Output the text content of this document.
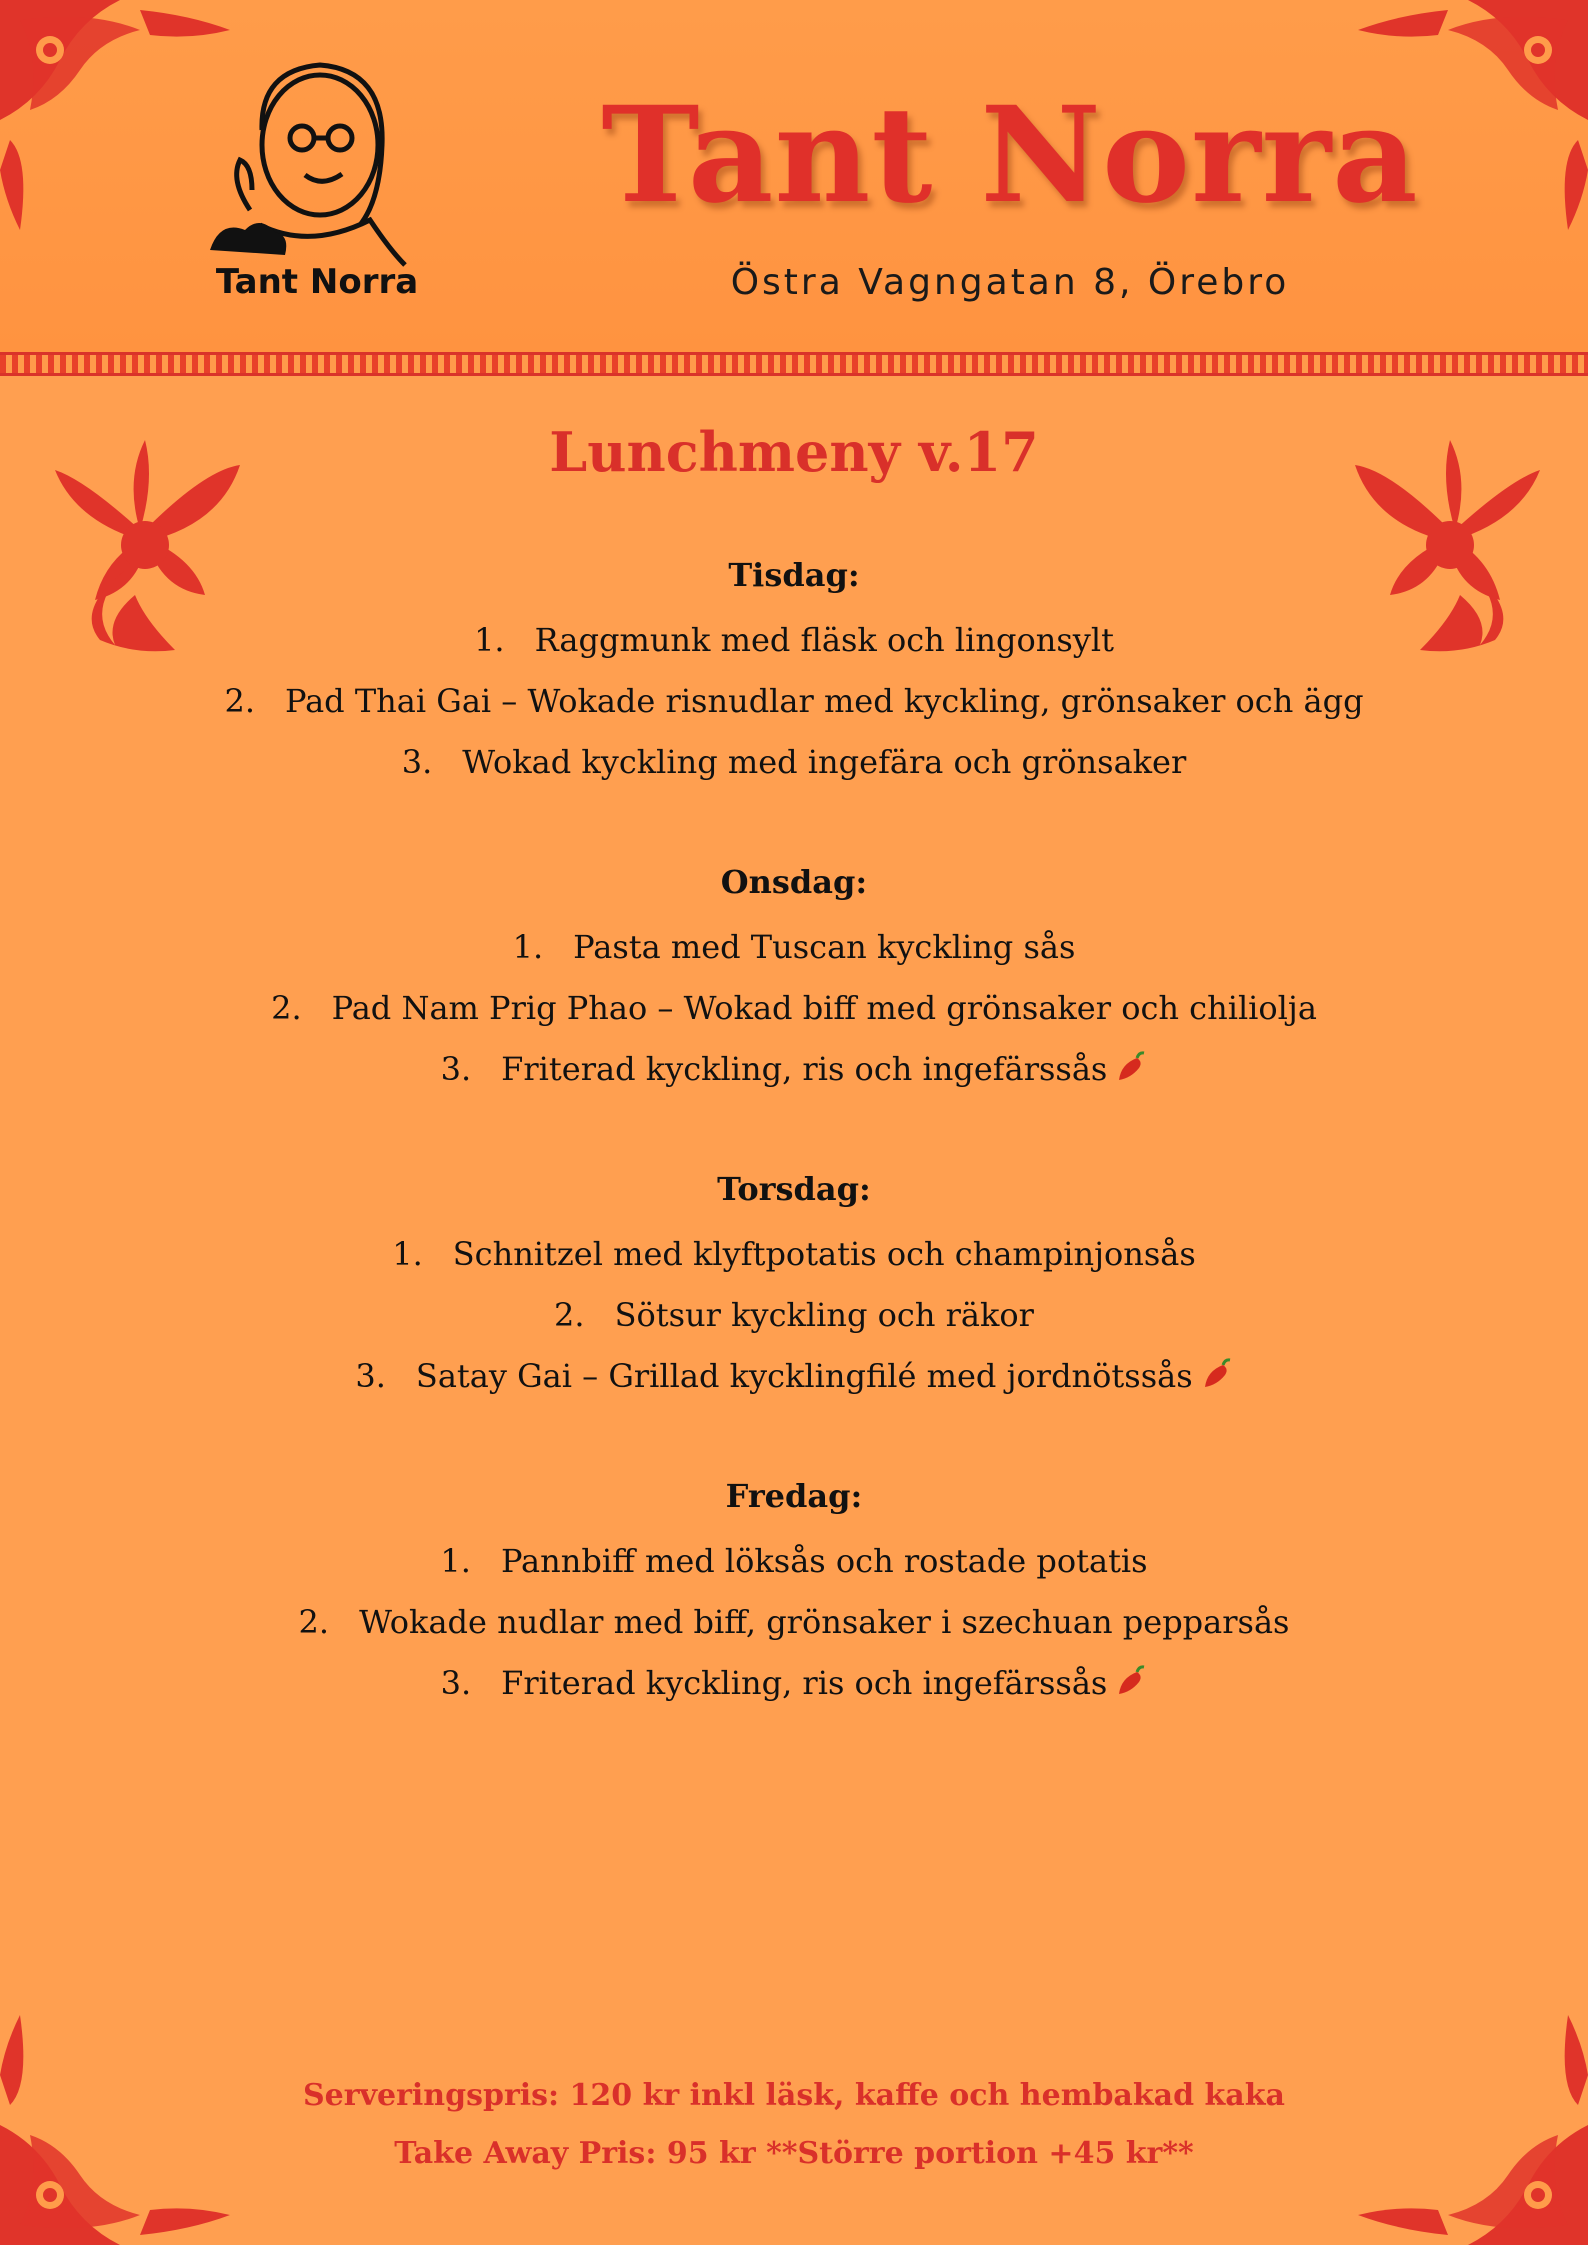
Tant Norra
Tant Norra
Östra Vagngatan 8, Örebro
Lunchmeny v.17
Tisdag:
1. Raggmunk med fläsk och lingonsylt
2. Pad Thai Gai – Wokade risnudlar med kyckling, grönsaker och ägg
3. Wokad kyckling med ingefära och grönsaker
Onsdag:
1. Pasta med Tuscan kyckling sås
2. Pad Nam Prig Phao – Wokad biff med grönsaker och chiliolja
3. Friterad kyckling, ris och ingefärssås
Torsdag:
1. Schnitzel med klyftpotatis och champinjonsås
2. Sötsur kyckling och räkor
3. Satay Gai – Grillad kycklingfilé med jordnötssås
Fredag:
1. Pannbiff med löksås och rostade potatis
2. Wokade nudlar med biff, grönsaker i szechuan pepparsås
3. Friterad kyckling, ris och ingefärssås
Serveringspris: 120 kr inkl läsk, kaffe och hembakad kaka
Take Away Pris: 95 kr **Större portion +45 kr**
